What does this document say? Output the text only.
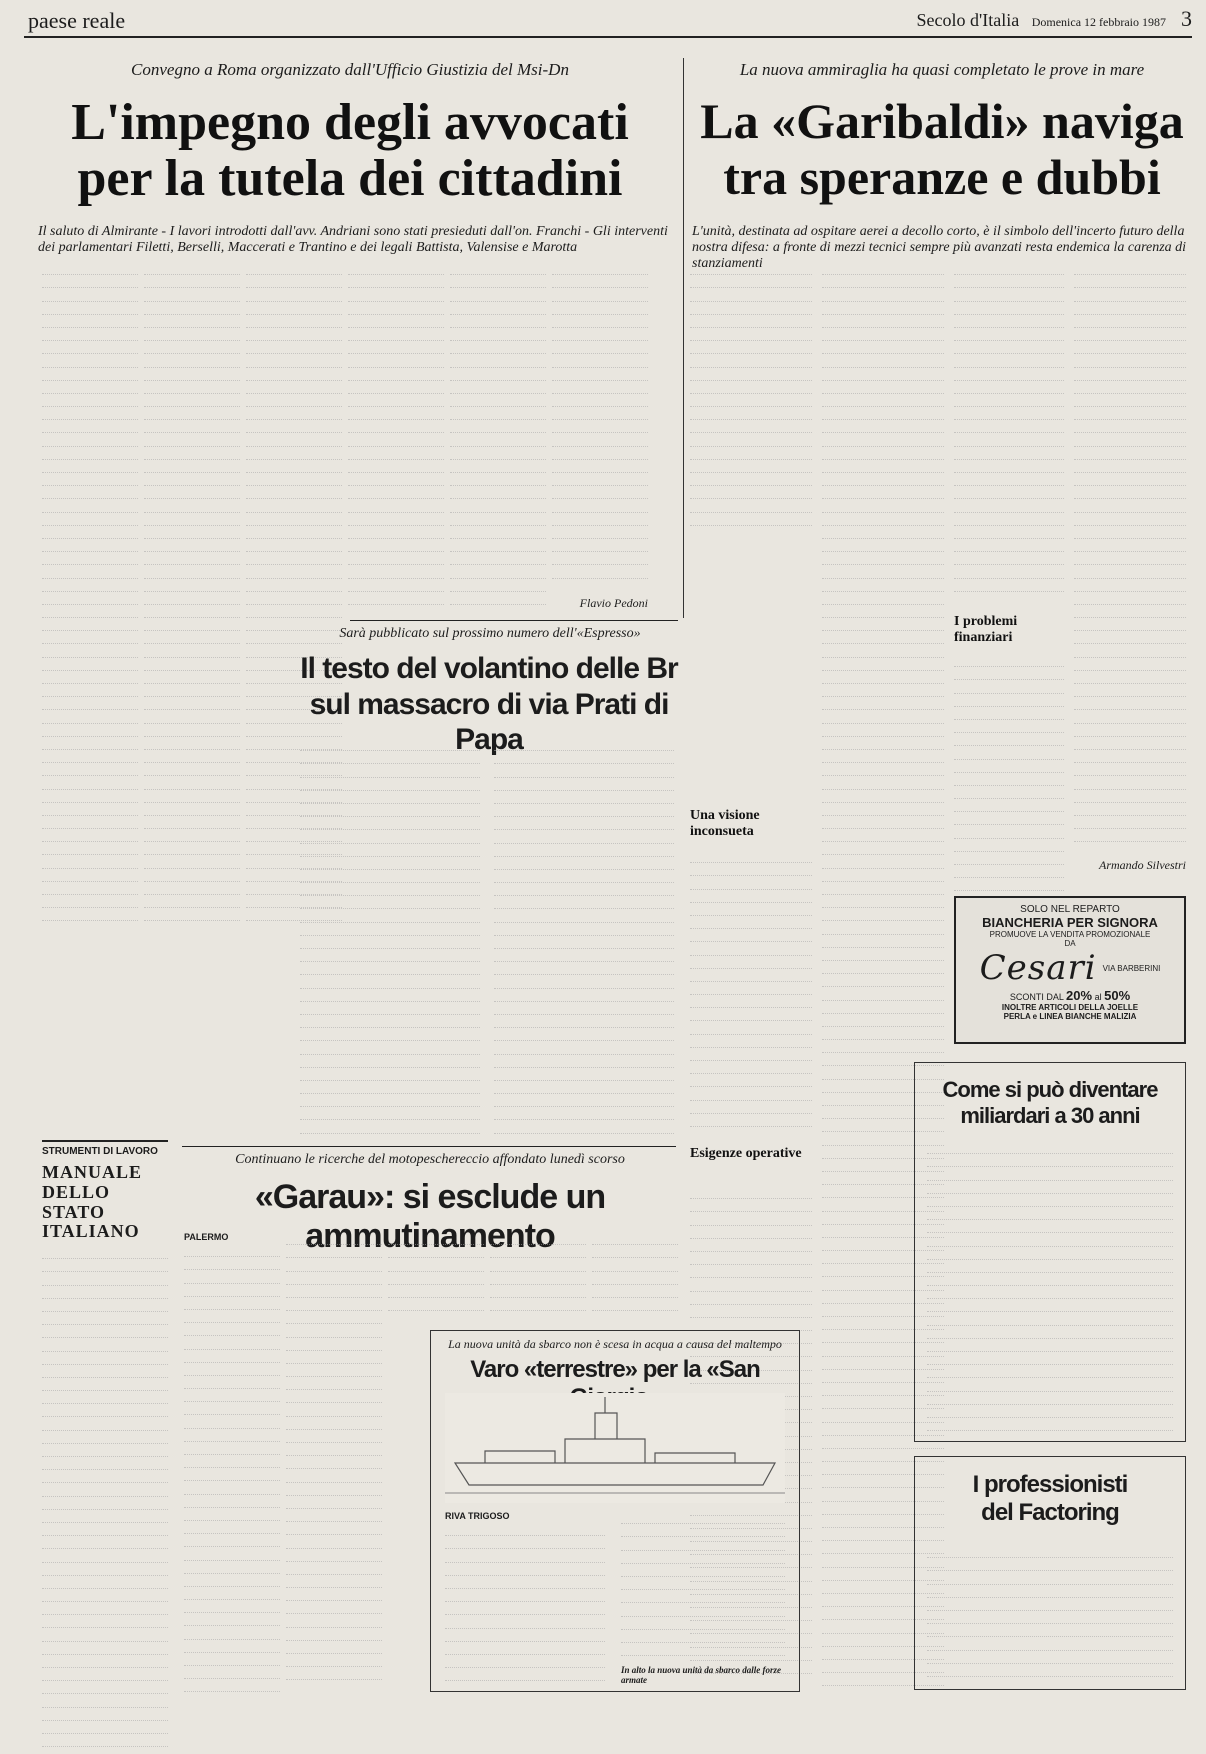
paese reale	Secolo d'Italia Domenica 12 febbraio 1987 3
Convegno a Roma organizzato dall'Ufficio Giustizia del Msi-Dn
L'impegno degli avvocati
per la tutela dei cittadini
Il saluto di Almirante - I lavori introdotti dall'avv. Andriani sono stati presieduti dall'on. Franchi - Gli interventi dei parlamentari Filetti, Berselli, Maccerati e Trantino e dei legali Battista, Valensise e Marotta
La nuova ammiraglia ha quasi completato le prove in mare
La «Garibaldi» naviga
tra speranze e dubbi
L'unità, destinata ad ospitare aerei a decollo corto, è il simbolo dell'incerto futuro della nostra difesa: a fronte di mezzi tecnici sempre più avanzati resta endemica la carenza di stanziamenti
Flavio Pedoni
Una visione inconsueta
Esigenze operative
I problemi finanziari
Armando Silvestri
SOLO NEL REPARTO
BIANCHERIA PER SIGNORA
PROMUOVE LA VENDITA PROMOZIONALE
DA
Cesari VIA BARBERINI
SCONTI DAL 20% al 50%
INOLTRE ARTICOLI DELLA JOELLE
PERLA e LINEA BIANCHE MALIZIA
Come si può diventare
miliardari a 30 anni
I professionisti
del Factoring
Sarà pubblicato sul prossimo numero dell'«Espresso»
Il testo del volantino delle Br
sul massacro di via Prati di Papa
STRUMENTI DI LAVORO
MANUALE DELLO STATO ITALIANO
Continuano le ricerche del motopeschereccio affondato lunedì scorso
«Garau»: si esclude un ammutinamento
PALERMO
La nuova unità da sbarco non è scesa in acqua a causa del maltempo
Varo «terrestre» per la «San
RIVA TRIGOSO
In alto la nuova unità da sbarco dalle forze armate
